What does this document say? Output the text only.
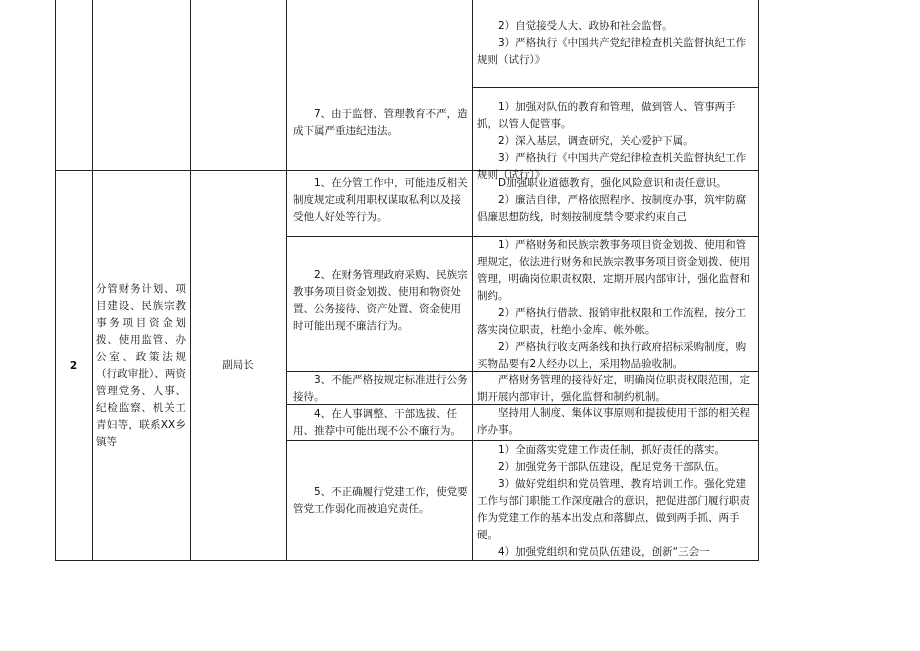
7、由于监督、管理教育不严，造成下属严重违纪违法。

2）自觉接受人大、政协和社会监督。

3）严格执行《中国共产党纪律检查机关监督执纪工作规则（试行）》

1）加强对队伍的教育和管理，做到管人、管事两手抓，以管人促管事。

2）深入基层，调查研究，关心爱护下属。

3）严格执行《中国共产党纪律检查机关监督执纪工作规则（试行）》

2
分管财务计划、项目建设、民族宗教事务项目资金划拨、使用监管、办公室、政策法规（行政审批）、两资管理党务、人事、纪检监察、机关工青妇等，联系XX乡镇等
副局长
1、在分管工作中，可能违反相关制度规定或利用职权谋取私利以及接受他人好处等行为。
2、在财务管理政府采购、民族宗教事务项目资金划拨、使用和物资处置、公务接待、资产处置、资金使用时可能出现不廉洁行为。
3、不能严格按规定标准进行公务接待。
4、在人事调整、干部选拔、任用、推荐中可能出现不公不廉行为。
5、不正确履行党建工作，使党要管党工作弱化而被追究责任。

D加强职业道德教育，强化风险意识和责任意识。

2）廉洁自律，严格依照程序、按制度办事，筑牢防腐倡廉思想防线，时刻按制度禁令要求约束自己

1）严格财务和民族宗教事务项目资金划拨、使用和管理规定，依法进行财务和民族宗教事务项目资金划拨、使用管理，明确岗位职责权限，定期开展内部审计，强化监督和制约。

2）严格执行借款、报销审批权限和工作流程，按分工落实岗位职责，杜绝小金库、帐外帐。

2）严格执行收支两条线和执行政府招标采购制度，购买物品要有2人经办以上，采用物品验收制。

严格财务管理的接待好定，明确岗位职责权限范围，定期开展内部审计，强化监督和制约机制。

坚持用人制度、集体议事原则和提拔使用干部的相关程序办事。

1）全面落实党建工作责任制，抓好责任的落实。

2）加强党务干部队伍建设，配足党务干部队伍。

3）做好党组织和党员管理、教育培训工作。强化党建工作与部门职能工作深度融合的意识，把促进部门履行职责作为党建工作的基本出发点和落脚点，做到两手抓、两手硬。

4）加强党组织和党员队伍建设，创新“三会一
